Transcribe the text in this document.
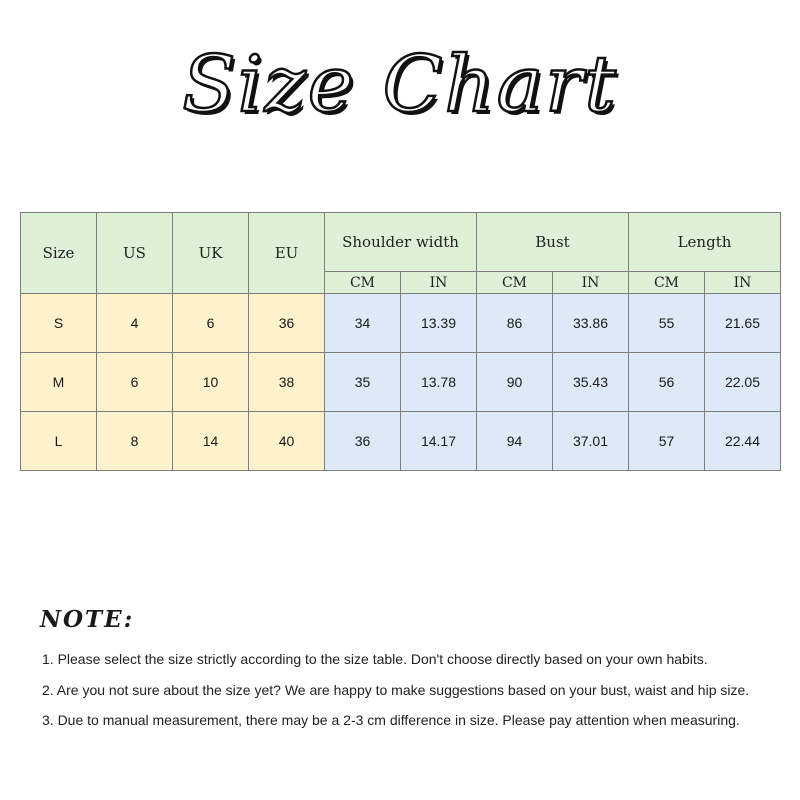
Size Chart
Size	US	UK	EU	Shoulder width		Bust		Length	
				CM	IN	CM	IN	CM	IN
S	4	6	36	34	13.39	86	33.86	55	21.65
M	6	10	38	35	13.78	90	35.43	56	22.05
L	8	14	40	36	14.17	94	37.01	57	22.44
NOTE:
1. Please select the size strictly according to the size table. Don't choose directly based on your own habits.
2. Are you not sure about the size yet? We are happy to make suggestions based on your bust, waist and hip size.
3. Due to manual measurement, there may be a 2-3 cm difference in size. Please pay attention when measuring.
